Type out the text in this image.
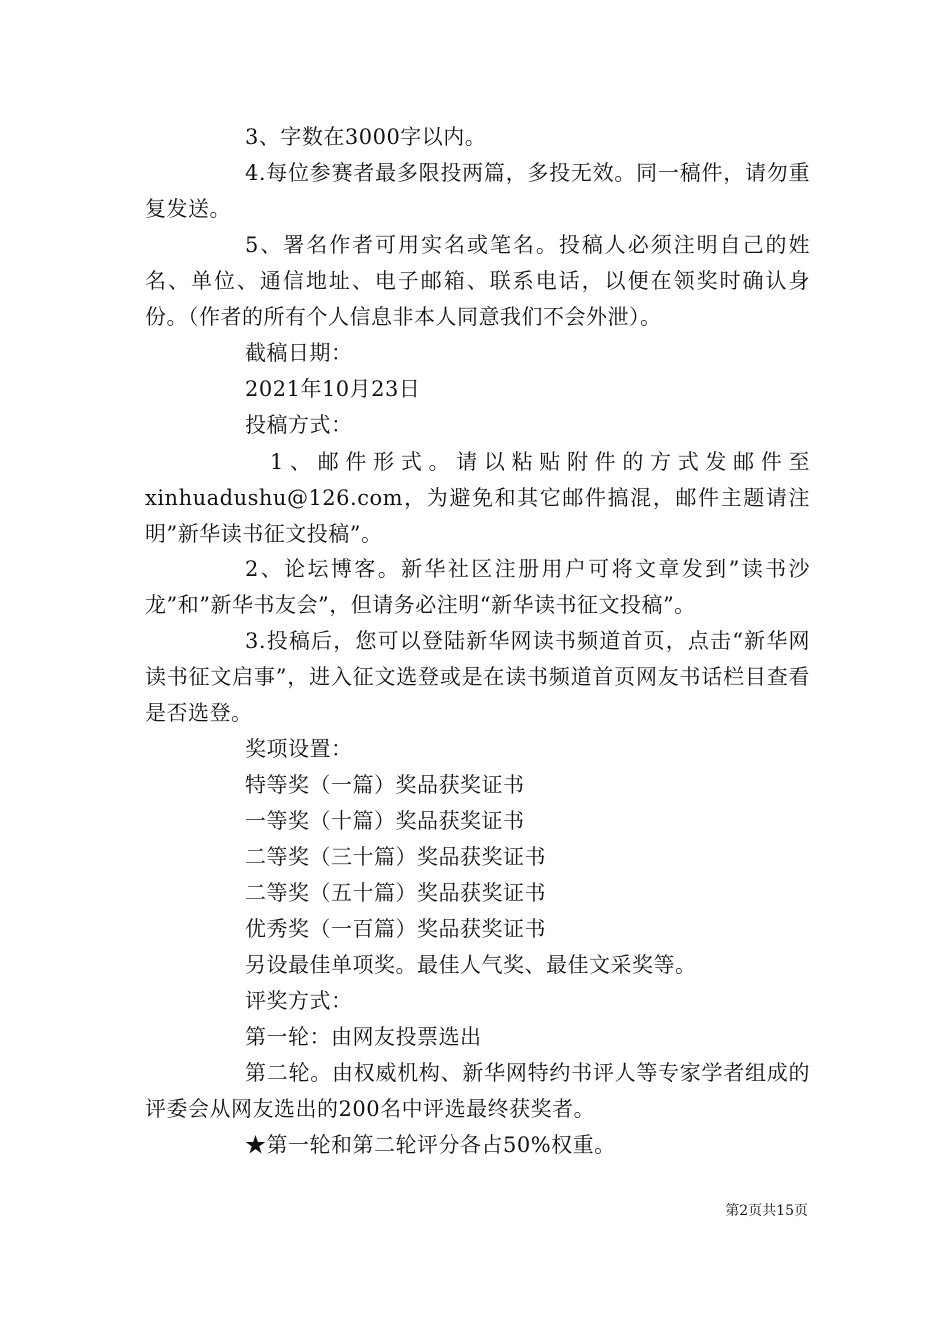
3、字数在3000字以内。

4.每位参赛者最多限投两篇，多投无效。同一稿件，请勿重复发送。

5、署名作者可用实名或笔名。投稿人必须注明自己的姓名、单位、通信地址、电子邮箱、联系电话，以便在领奖时确认身份。（作者的所有个人信息非本人同意我们不会外泄）。

截稿日期：

2021年10月23日

投稿方式：

1、邮件形式。请以粘贴附件的方式发邮件至xinhuadushu@126.com，为避免和其它邮件搞混，邮件主题请注明”新华读书征文投稿”。

2、论坛博客。新华社区注册用户可将文章发到”读书沙龙”和”新华书友会”，但请务必注明“新华读书征文投稿”。

3.投稿后，您可以登陆新华网读书频道首页，点击“新华网读书征文启事”，进入征文选登或是在读书频道首页网友书话栏目查看是否选登。

奖项设置：

特等奖（一篇）奖品获奖证书

一等奖（十篇）奖品获奖证书

二等奖（三十篇）奖品获奖证书

二等奖（五十篇）奖品获奖证书

优秀奖（一百篇）奖品获奖证书

另设最佳单项奖。最佳人气奖、最佳文采奖等。

评奖方式：

第一轮：由网友投票选出

第二轮。由权威机构、新华网特约书评人等专家学者组成的评委会从网友选出的200名中评选最终获奖者。

★第一轮和第二轮评分各占50%权重。

第2页共15页
